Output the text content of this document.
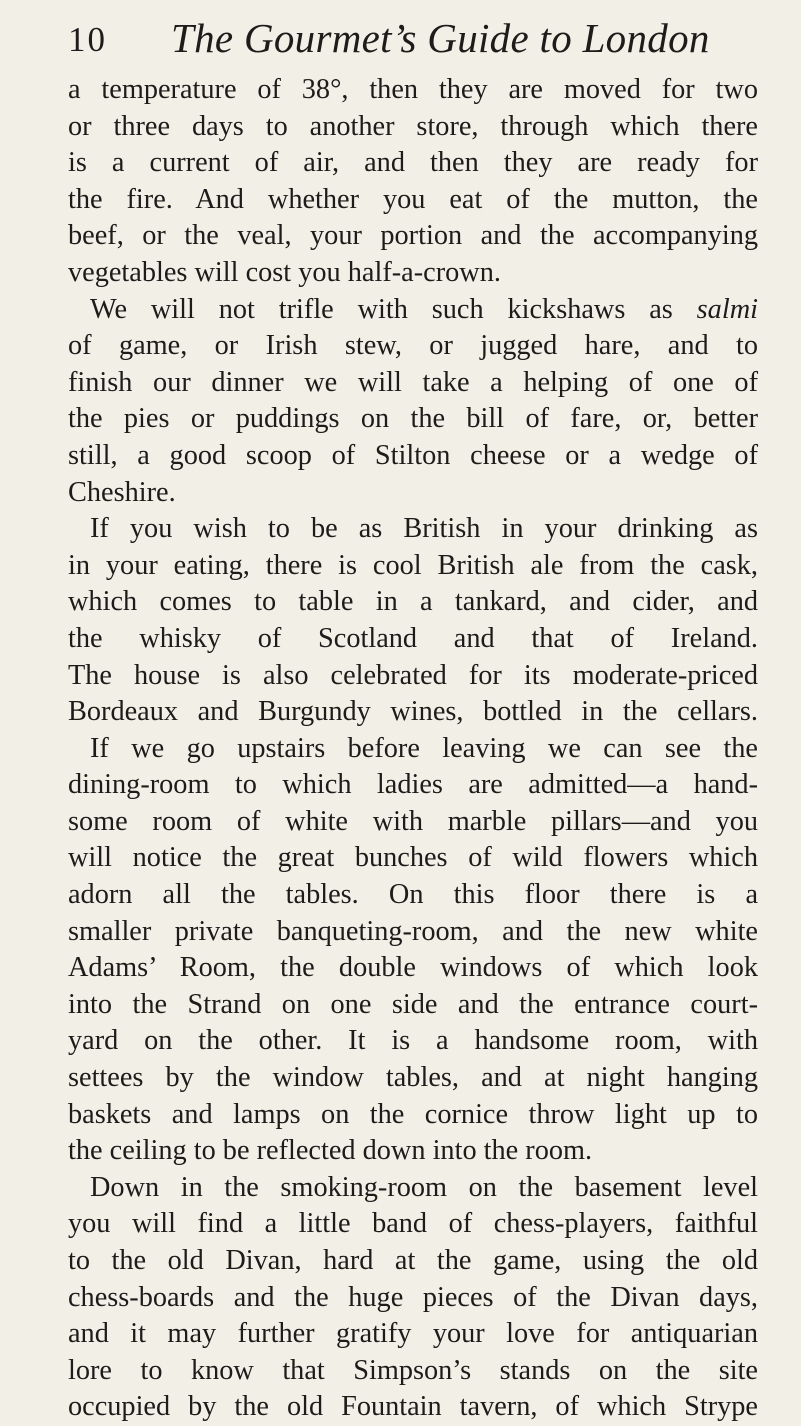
10 The Gourmet’s Guide to London
a temperature of 38°, then they are moved for two
or three days to another store, through which there
is a current of air, and then they are ready for
the fire. And whether you eat of the mutton, the
beef, or the veal, your portion and the accompanying
vegetables will cost you half-a-crown.
We will not trifle with such kickshaws as salmi
of game, or Irish stew, or jugged hare, and to
finish our dinner we will take a helping of one of
the pies or puddings on the bill of fare, or, better
still, a good scoop of Stilton cheese or a wedge of
Cheshire.
If you wish to be as British in your drinking as
in your eating, there is cool British ale from the cask,
which comes to table in a tankard, and cider, and
the whisky of Scotland and that of Ireland.
The house is also celebrated for its moderate-priced
Bordeaux and Burgundy wines, bottled in the cellars.
If we go upstairs before leaving we can see the
dining-room to which ladies are admitted—a hand-
some room of white with marble pillars—and you
will notice the great bunches of wild flowers which
adorn all the tables. On this floor there is a
smaller private banqueting-room, and the new white
Adams’ Room, the double windows of which look
into the Strand on one side and the entrance court-
yard on the other. It is a handsome room, with
settees by the window tables, and at night hanging
baskets and lamps on the cornice throw light up to
the ceiling to be reflected down into the room.
Down in the smoking-room on the basement level
you will find a little band of chess-players, faithful
to the old Divan, hard at the game, using the old
chess-boards and the huge pieces of the Divan days,
and it may further gratify your love for antiquarian
lore to know that Simpson’s stands on the site
occupied by the old Fountain tavern, of which Strype
